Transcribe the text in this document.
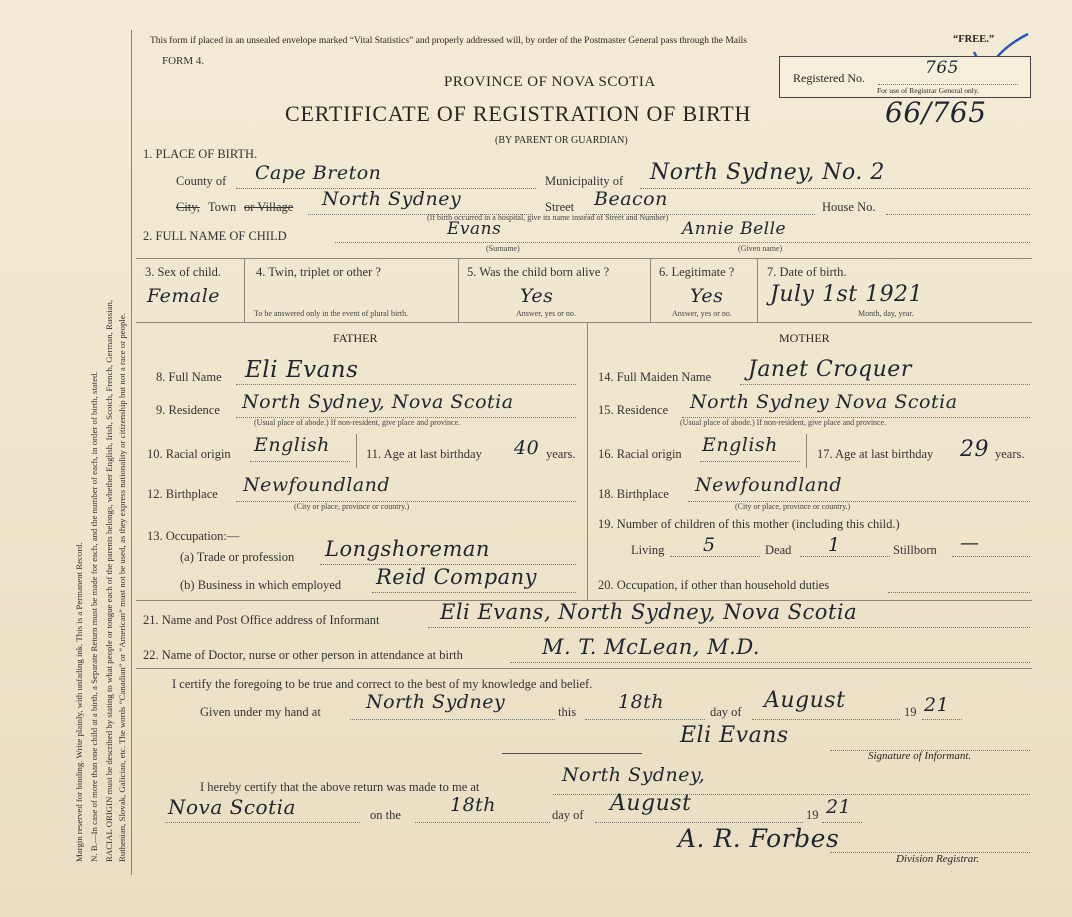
Margin reserved for binding. Write plainly, with unfading ink. This is a Permanent Record. N. B.—In case of more than one child at a birth, a Separate Return must be made for each, and the number of each, in order of birth, stated. RACIAL ORIGIN must be described by stating to what people or tongue each of the parents belongs, whether English, Irish, Scotch, French, German, Russian, Ruthenian, Slovak, Galician, etc. The words “Canadian” or “American” must not be used, as they express nationality or citizenship but not a race or people.
This form if placed in an unsealed envelope marked “Vital Statistics” and properly addressed will, by order of the Postmaster General pass through the Mails	“FREE.”
FORM 4.
Registered No.	765
For use of Registrar General only.
PROVINCE OF NOVA SCOTIA
CERTIFICATE OF REGISTRATION OF BIRTH	66/765
(BY PARENT OR GUARDIAN)
1. PLACE OF BIRTH.
County of Cape Breton	Municipality of North Sydney, No. 2
City, Town or Village North Sydney	Street Beacon	House No.
(If birth occurred in a hospital, give its name instead of Street and Number)
2. FULL NAME OF CHILD	Evans	Annie Belle
(Surname)	(Given name)
3. Sex of child.
Female
4. Twin, triplet or other ?
To be answered only in the event of plural birth.
5. Was the child born alive ?
Yes
Answer, yes or no.
6. Legitimate ?
Yes
Answer, yes or no.
7. Date of birth.
July 1st 1921
Month, day, year.
FATHER	MOTHER
8. Full Name Eli Evans
9. Residence North Sydney, Nova Scotia
(Usual place of abode.) If non-resident, give place and province.
10. Racial origin English	11. Age at last birthday 40 years.
12. Birthplace Newfoundland
(City or place, province or country.)
13. Occupation:—
(a) Trade or profession Longshoreman
(b) Business in which employed Reid Company
14. Full Maiden Name Janet Croquer
15. Residence North Sydney Nova Scotia
(Usual place of abode.) If non-resident, give place and province.
16. Racial origin English	17. Age at last birthday 29 years.
18. Birthplace Newfoundland
(City or place, province or country.)
19. Number of children of this mother (including this child.)
Living 5	Dead 1	Stillborn —
20. Occupation, if other than household duties
21. Name and Post Office address of Informant	Eli Evans, North Sydney, Nova Scotia
22. Name of Doctor, nurse or other person in attendance at birth	M. T. McLean, M.D.
I certify the foregoing to be true and correct to the best of my knowledge and belief.
Given under my hand at North Sydney	this 18th	day of August	19 21
Eli Evans
Signature of Informant.
I hereby certify that the above return was made to me at
North Sydney,
Nova Scotia	on the	18th	day of August	19 21
A. R. Forbes
Division Registrar.
